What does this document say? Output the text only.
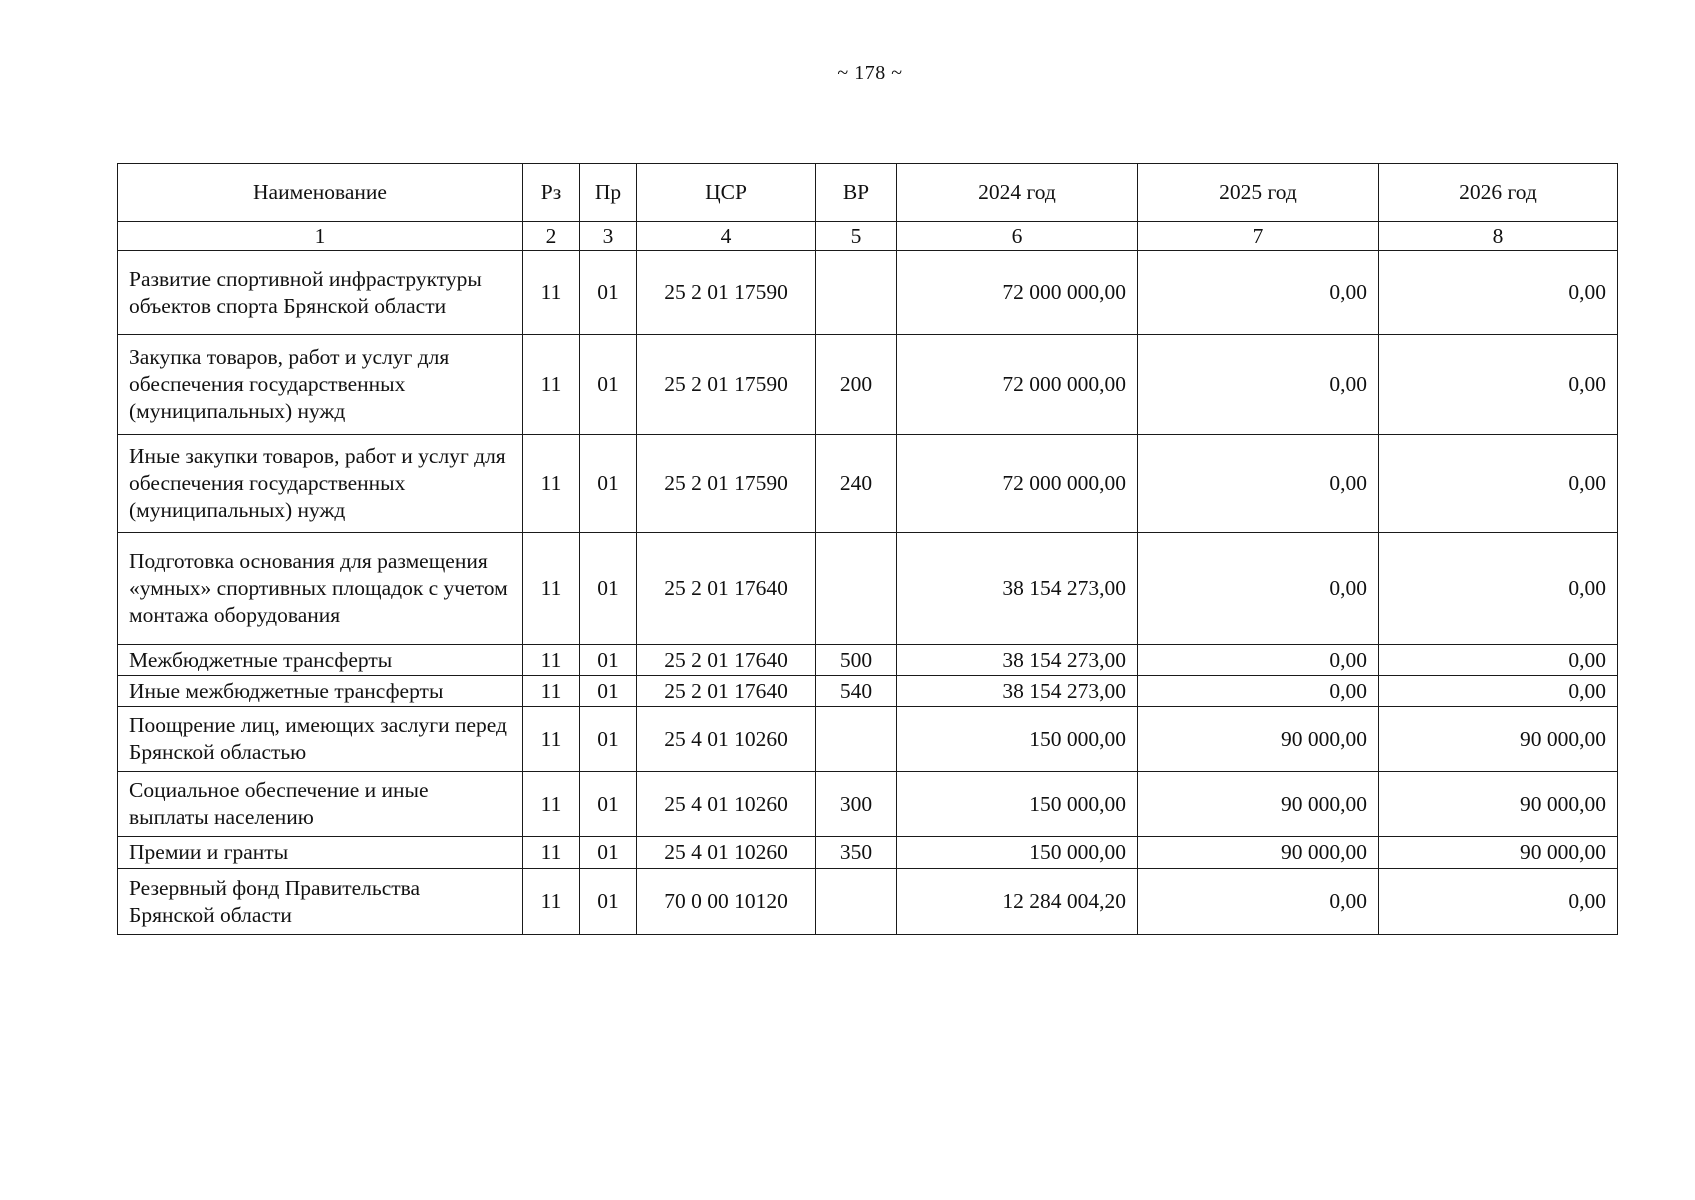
~ 178 ~
Наименование	Рз	Пр	ЦСР	ВР	2024 год	2025 год	2026 год
1	2	3	4	5	6	7	8
Развитие спортивной инфраструктуры объектов спорта Брянской области	11	01	25 2 01 17590		72 000 000,00	0,00	0,00
Закупка товаров, работ и услуг для обеспечения государственных (муниципальных) нужд	11	01	25 2 01 17590	200	72 000 000,00	0,00	0,00
Иные закупки товаров, работ и услуг для обеспечения государственных (муниципальных) нужд	11	01	25 2 01 17590	240	72 000 000,00	0,00	0,00
Подготовка основания для размещения «умных» спортивных площадок с учетом монтажа оборудования	11	01	25 2 01 17640		38 154 273,00	0,00	0,00
Межбюджетные трансферты	11	01	25 2 01 17640	500	38 154 273,00	0,00	0,00
Иные межбюджетные трансферты	11	01	25 2 01 17640	540	38 154 273,00	0,00	0,00
Поощрение лиц, имеющих заслуги перед Брянской областью	11	01	25 4 01 10260		150 000,00	90 000,00	90 000,00
Социальное обеспечение и иные выплаты населению	11	01	25 4 01 10260	300	150 000,00	90 000,00	90 000,00
Премии и гранты	11	01	25 4 01 10260	350	150 000,00	90 000,00	90 000,00
Резервный фонд Правительства Брянской области	11	01	70 0 00 10120		12 284 004,20	0,00	0,00
